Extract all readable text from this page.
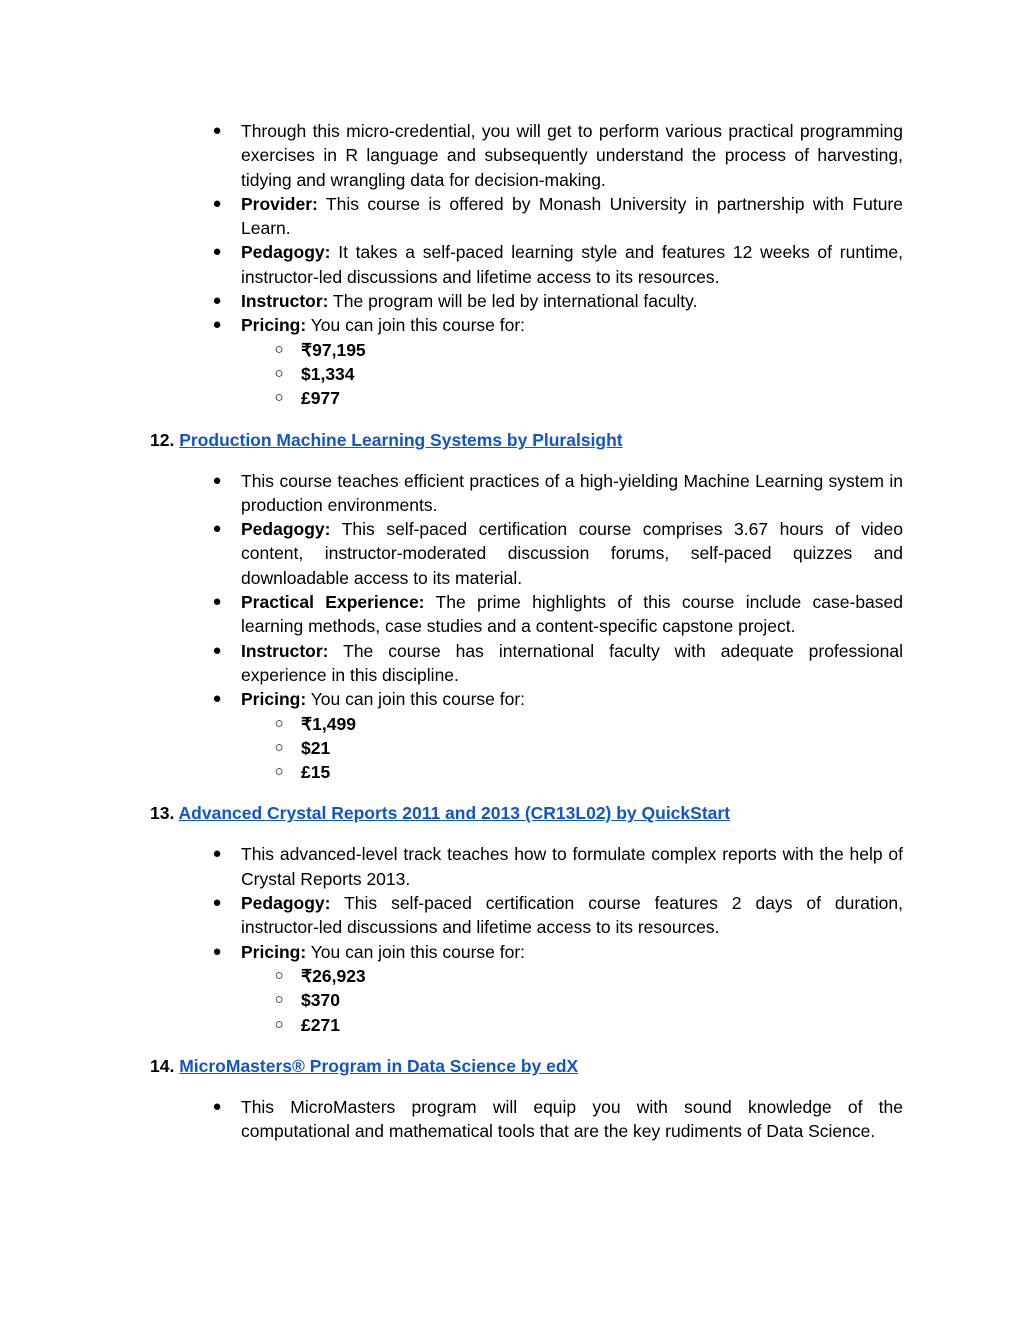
● Through this micro-credential, you will get to perform various practical programming exercises in R language and subsequently understand the process of harvesting, tidying and wrangling data for decision-making.
● Provider: This course is offered by Monash University in partnership with Future Learn.
● Pedagogy: It takes a self-paced learning style and features 12 weeks of runtime, instructor-led discussions and lifetime access to its resources.
● Instructor: The program will be led by international faculty.
● Pricing: You can join this course for:
○ ₹97,195
○ $1,334
○ £977
12. Production Machine Learning Systems by Pluralsight
● This course teaches efficient practices of a high-yielding Machine Learning system in production environments.
● Pedagogy: This self-paced certification course comprises 3.67 hours of video content, instructor-moderated discussion forums, self-paced quizzes and downloadable access to its material.
● Practical Experience: The prime highlights of this course include case-based learning methods, case studies and a content-specific capstone project.
● Instructor: The course has international faculty with adequate professional experience in this discipline.
● Pricing: You can join this course for:
○ ₹1,499
○ $21
○ £15
13. Advanced Crystal Reports 2011 and 2013 (CR13L02) by QuickStart
● This advanced-level track teaches how to formulate complex reports with the help of Crystal Reports 2013.
● Pedagogy: This self-paced certification course features 2 days of duration, instructor-led discussions and lifetime access to its resources.
● Pricing: You can join this course for:
○ ₹26,923
○ $370
○ £271
14. MicroMasters® Program in Data Science by edX
● This MicroMasters program will equip you with sound knowledge of the computational and mathematical tools that are the key rudiments of Data Science.
